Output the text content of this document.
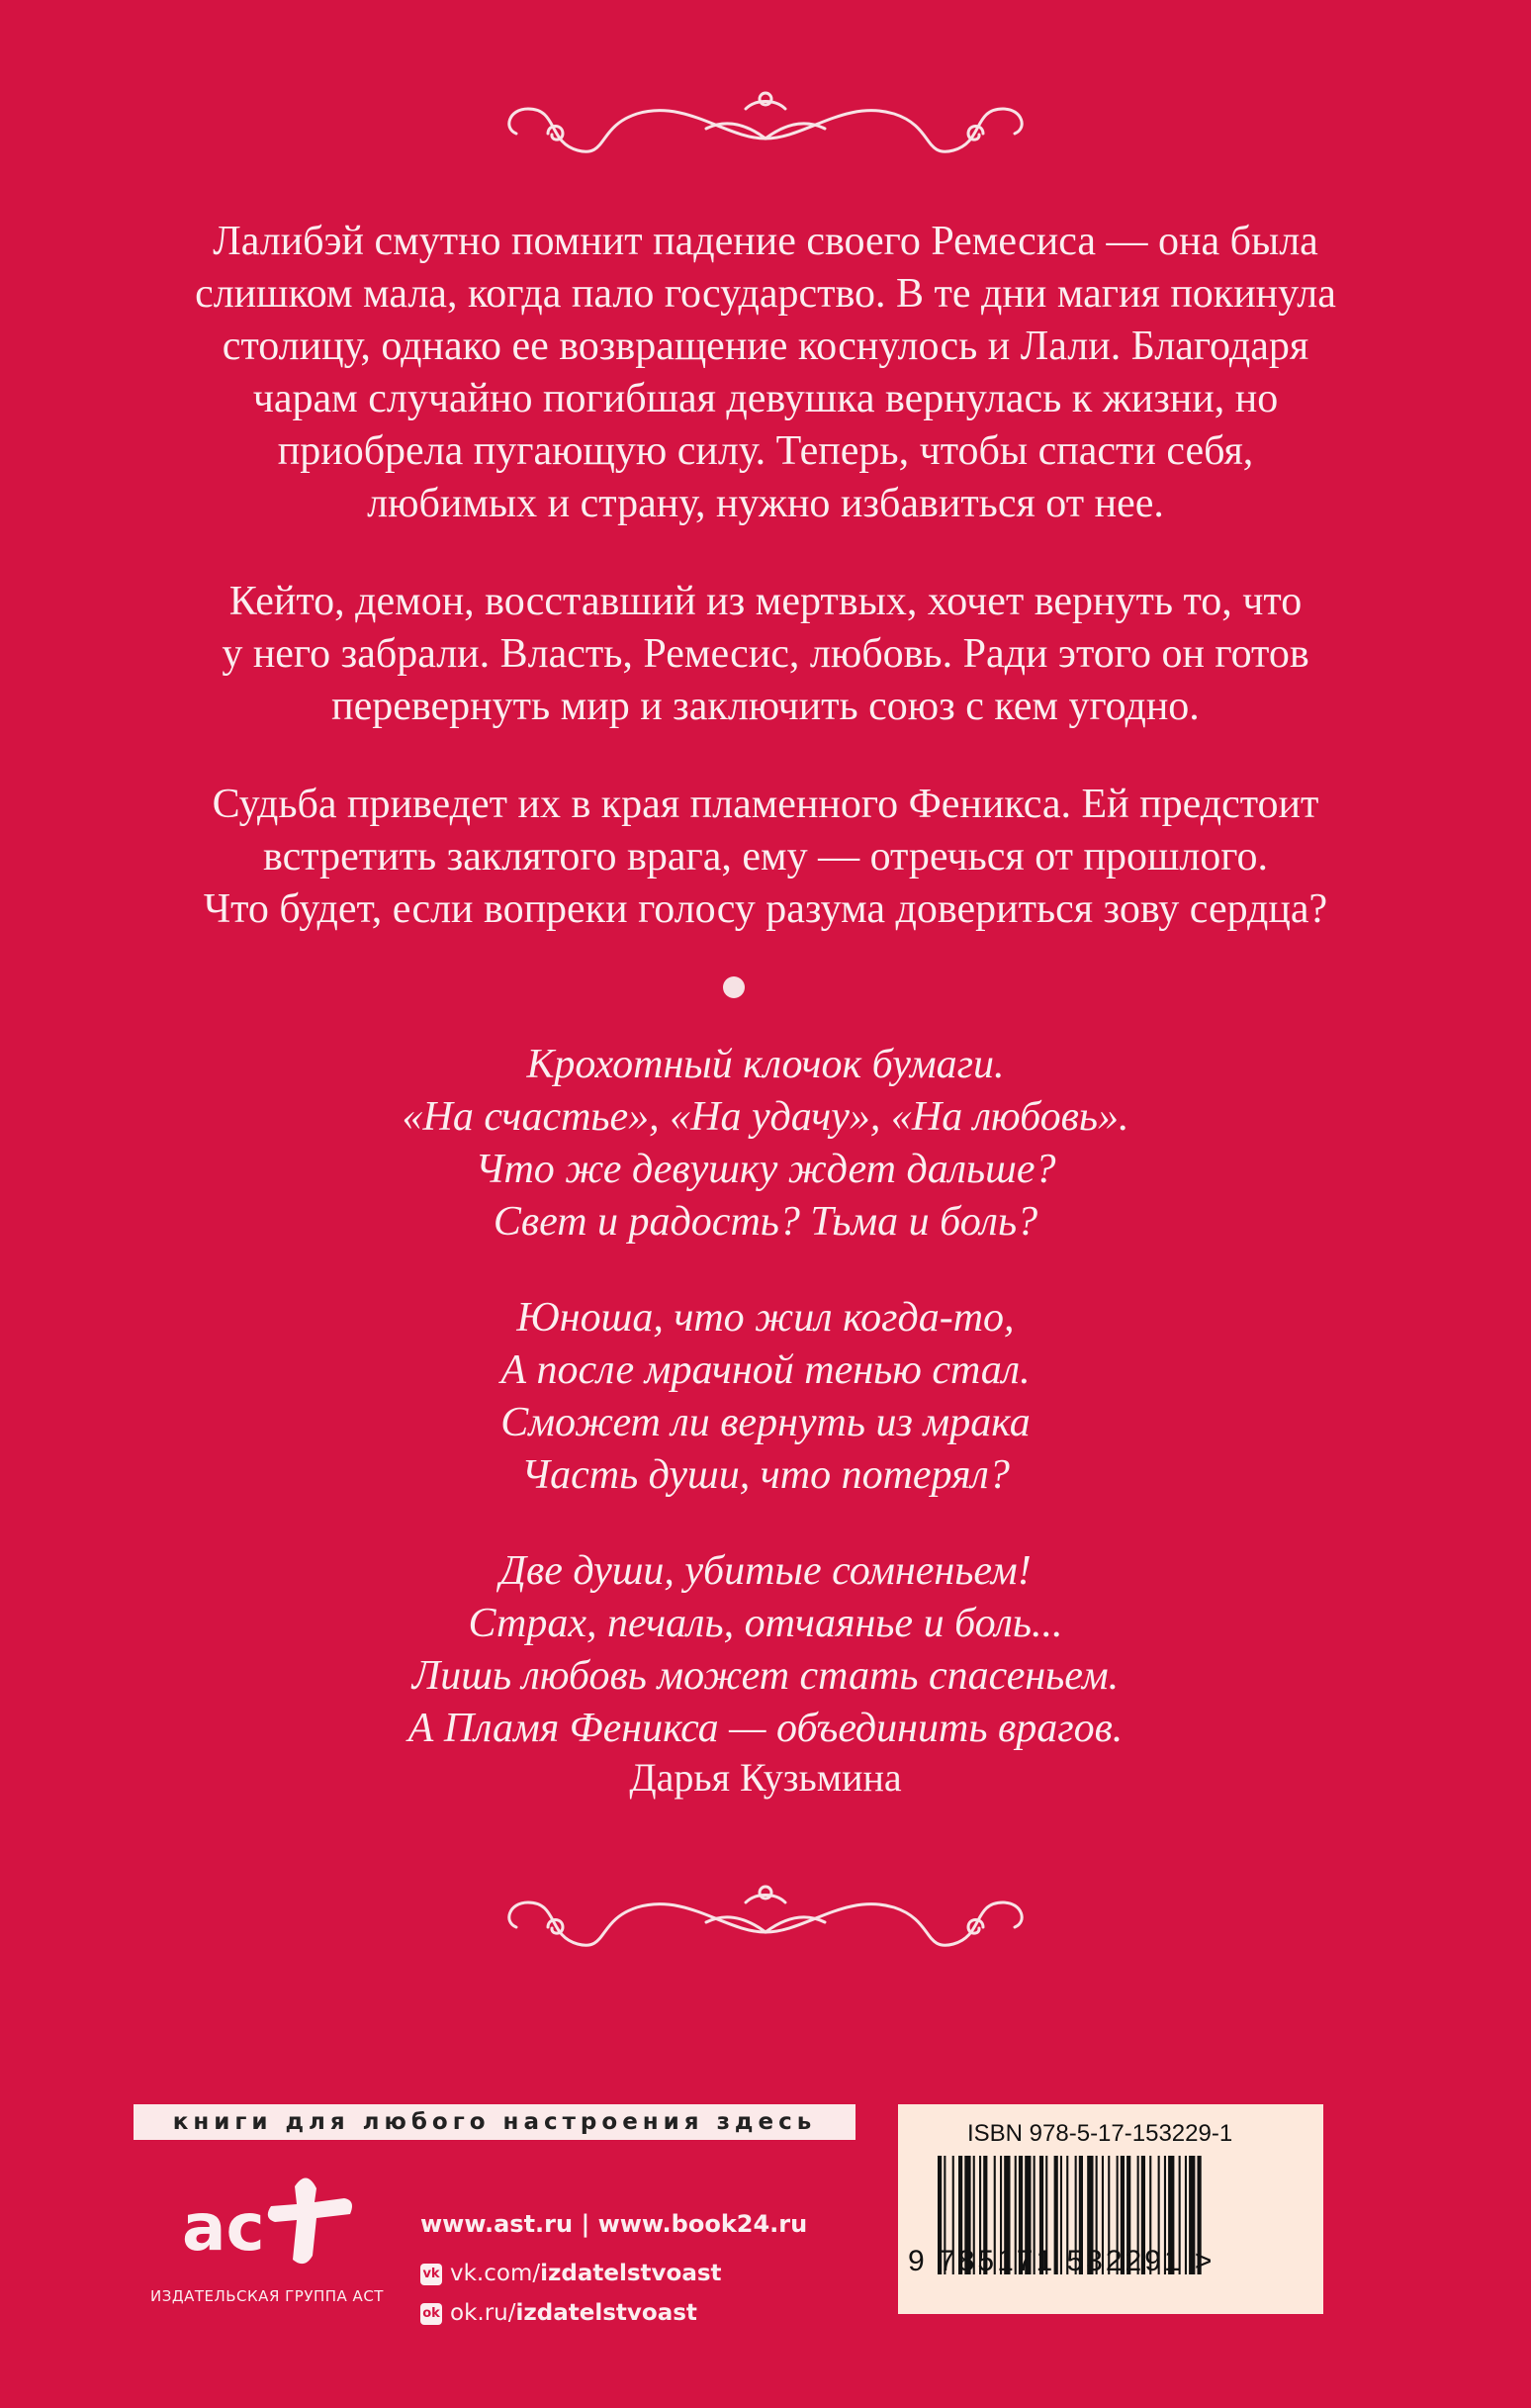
Лалибэй смутно помнит падение своего Ремесиса — она была
слишком мала, когда пало государство. В те дни магия покинула
столицу, однако ее возвращение коснулось и Лали. Благодаря
чарам случайно погибшая девушка вернулась к жизни, но
приобрела пугающую силу. Теперь, чтобы спасти себя,
любимых и страну, нужно избавиться от нее.

Кейто, демон, восставший из мертвых, хочет вернуть то, что
у него забрали. Власть, Ремесис, любовь. Ради этого он готов
перевернуть мир и заключить союз с кем угодно.

Судьба приведет их в края пламенного Феникса. Ей предстоит
встретить заклятого врага, ему — отречься от прошлого.
Что будет, если вопреки голосу разума довериться зову сердца?

Крохотный клочок бумаги.
«На счастье», «На удачу», «На любовь».
Что же девушку ждет дальше?
Свет и радость? Тьма и боль?
Юноша, что жил когда-то,
А после мрачной тенью стал.
Сможет ли вернуть из мрака
Часть души, что потерял?
Две души, убитые сомненьем!
Страх, печаль, отчаянье и боль...
Лишь любовь может стать спасеньем.
А Пламя Феникса — объединить врагов.
Дарья Кузьмина
книги для любого настроения здесь
ac
ИЗДАТЕЛЬСКАЯ ГРУППА АСТ
www.ast.ru | www.book24.ru
vk vk.com/izdatelstvoast
ok ok.ru/izdatelstvoast
ISBN 978-5-17-153229-1
9 785171 532291 >
